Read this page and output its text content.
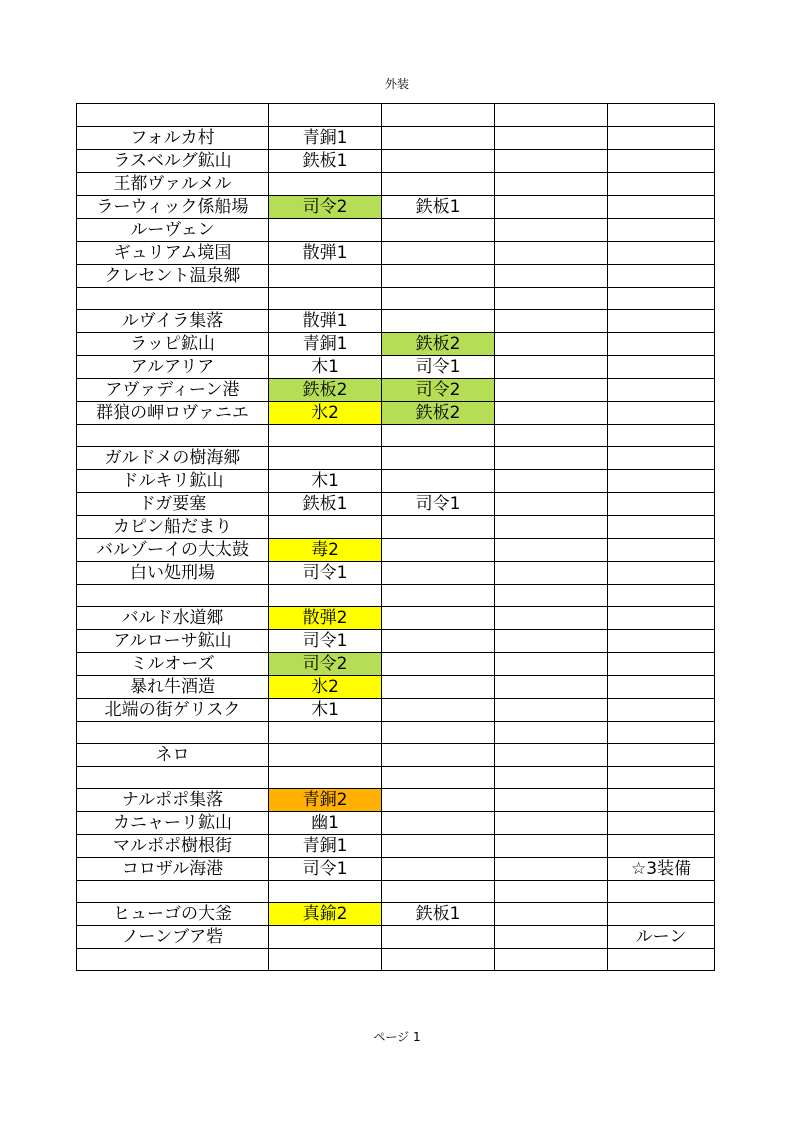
外装

フォルカ村	青銅1			
ラスベルグ鉱山	鉄板1			
王都ヴァルメル				
ラーウィック係船場	司令2	鉄板1		
ルーヴェン				
ギュリアム境国	散弾1			
クレセント温泉郷				

ルヴイラ集落	散弾1			
ラッピ鉱山	青銅1	鉄板2		
アルアリア	木1	司令1		
アヴァディーン港	鉄板2	司令2		
群狼の岬ロヴァニエ	氷2	鉄板2		

ガルドメの樹海郷				
ドルキリ鉱山	木1			
ドガ要塞	鉄板1	司令1		
カピン船だまり				
バルゾーイの大太鼓	毒2			
白い処刑場	司令1			

バルド水道郷	散弾2			
アルローサ鉱山	司令1			
ミルオーズ	司令2			
暴れ牛酒造	氷2			
北端の街ゲリスク	木1			

ネロ				

ナルポポ集落	青銅2			
カニャーリ鉱山	幽1			
マルポポ樹根街	青銅1			
コロザル海港	司令1			☆3装備

ヒューゴの大釜	真鍮2	鉄板1		
ノーンブア砦				ルーン

ページ 1
